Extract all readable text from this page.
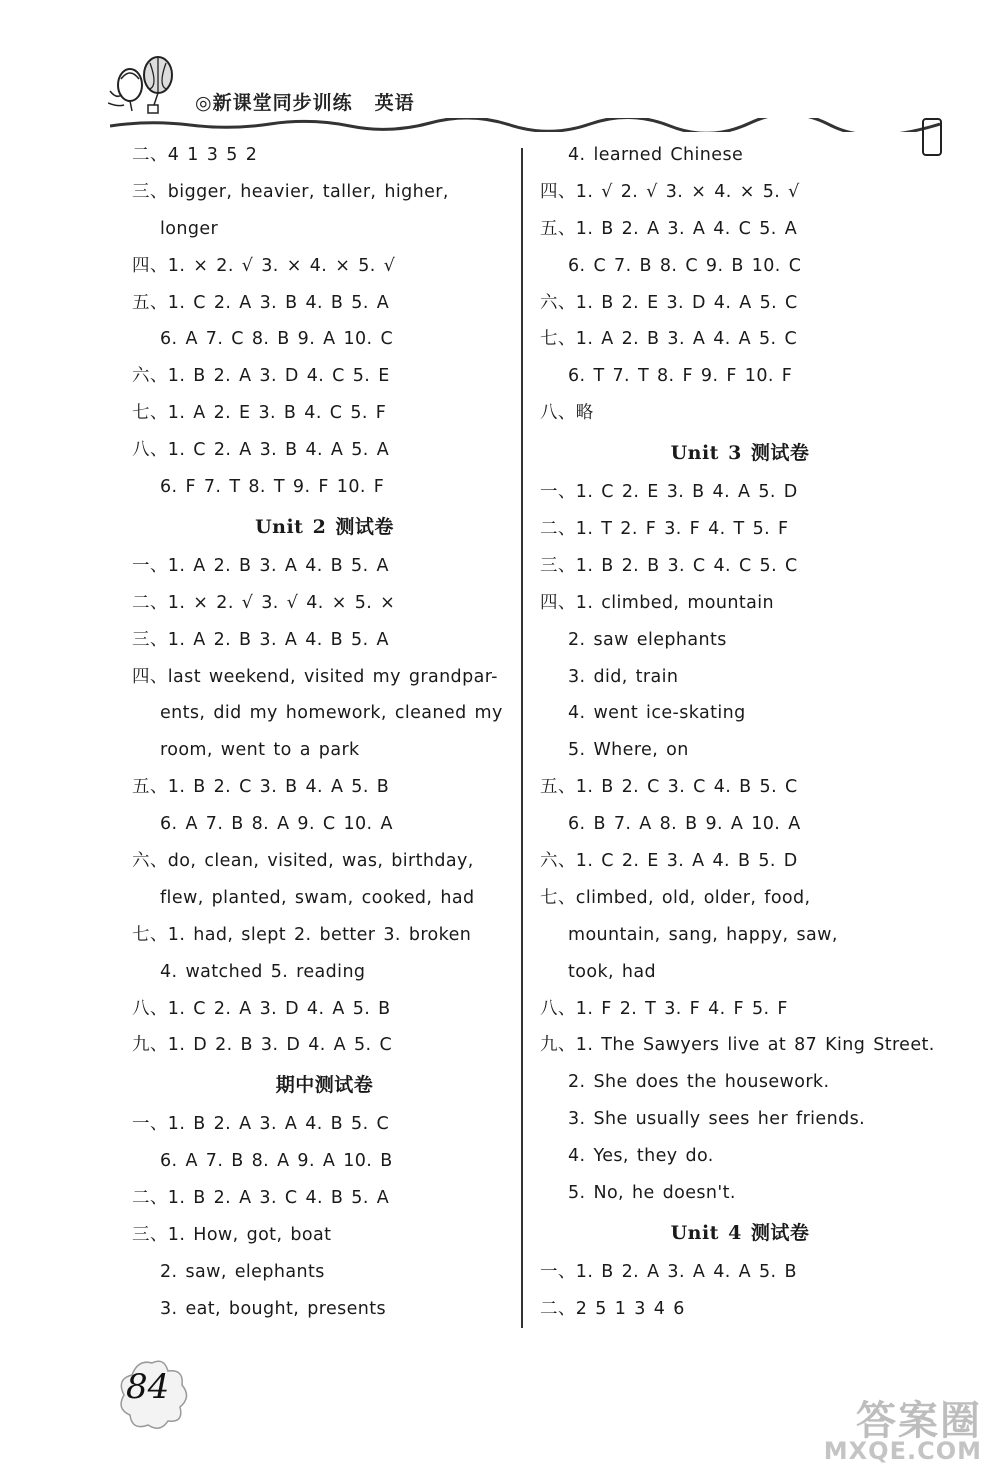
◎新课堂同步训练 英语
二、4 1 3 5 2
三、bigger, heavier, taller, higher,
longer
四、1. × 2. √ 3. × 4. × 5. √
五、1. C 2. A 3. B 4. B 5. A
6. A 7. C 8. B 9. A 10. C
六、1. B 2. A 3. D 4. C 5. E
七、1. A 2. E 3. B 4. C 5. F
八、1. C 2. A 3. B 4. A 5. A
6. F 7. T 8. T 9. F 10. F
Unit 2 测试卷
一、1. A 2. B 3. A 4. B 5. A
二、1. × 2. √ 3. √ 4. × 5. ×
三、1. A 2. B 3. A 4. B 5. A
四、last weekend, visited my grandpar-
ents, did my homework, cleaned my
room, went to a park
五、1. B 2. C 3. B 4. A 5. B
6. A 7. B 8. A 9. C 10. A
六、do, clean, visited, was, birthday,
flew, planted, swam, cooked, had
七、1. had, slept 2. better 3. broken
4. watched 5. reading
八、1. C 2. A 3. D 4. A 5. B
九、1. D 2. B 3. D 4. A 5. C
期中测试卷
一、1. B 2. A 3. A 4. B 5. C
6. A 7. B 8. A 9. A 10. B
二、1. B 2. A 3. C 4. B 5. A
三、1. How, got, boat
2. saw, elephants
3. eat, bought, presents
4. learned Chinese
四、1. √ 2. √ 3. × 4. × 5. √
五、1. B 2. A 3. A 4. C 5. A
6. C 7. B 8. C 9. B 10. C
六、1. B 2. E 3. D 4. A 5. C
七、1. A 2. B 3. A 4. A 5. C
6. T 7. T 8. F 9. F 10. F
八、略
Unit 3 测试卷
一、1. C 2. E 3. B 4. A 5. D
二、1. T 2. F 3. F 4. T 5. F
三、1. B 2. B 3. C 4. C 5. C
四、1. climbed, mountain
2. saw elephants
3. did, train
4. went ice-skating
5. Where, on
五、1. B 2. C 3. C 4. B 5. C
6. B 7. A 8. B 9. A 10. A
六、1. C 2. E 3. A 4. B 5. D
七、climbed, old, older, food,
mountain, sang, happy, saw,
took, had
八、1. F 2. T 3. F 4. F 5. F
九、1. The Sawyers live at 87 King Street.
2. She does the housework.
3. She usually sees her friends.
4. Yes, they do.
5. No, he doesn't.
Unit 4 测试卷
一、1. B 2. A 3. A 4. A 5. B
二、2 5 1 3 4 6
84
答案圈
MXQE.COM
